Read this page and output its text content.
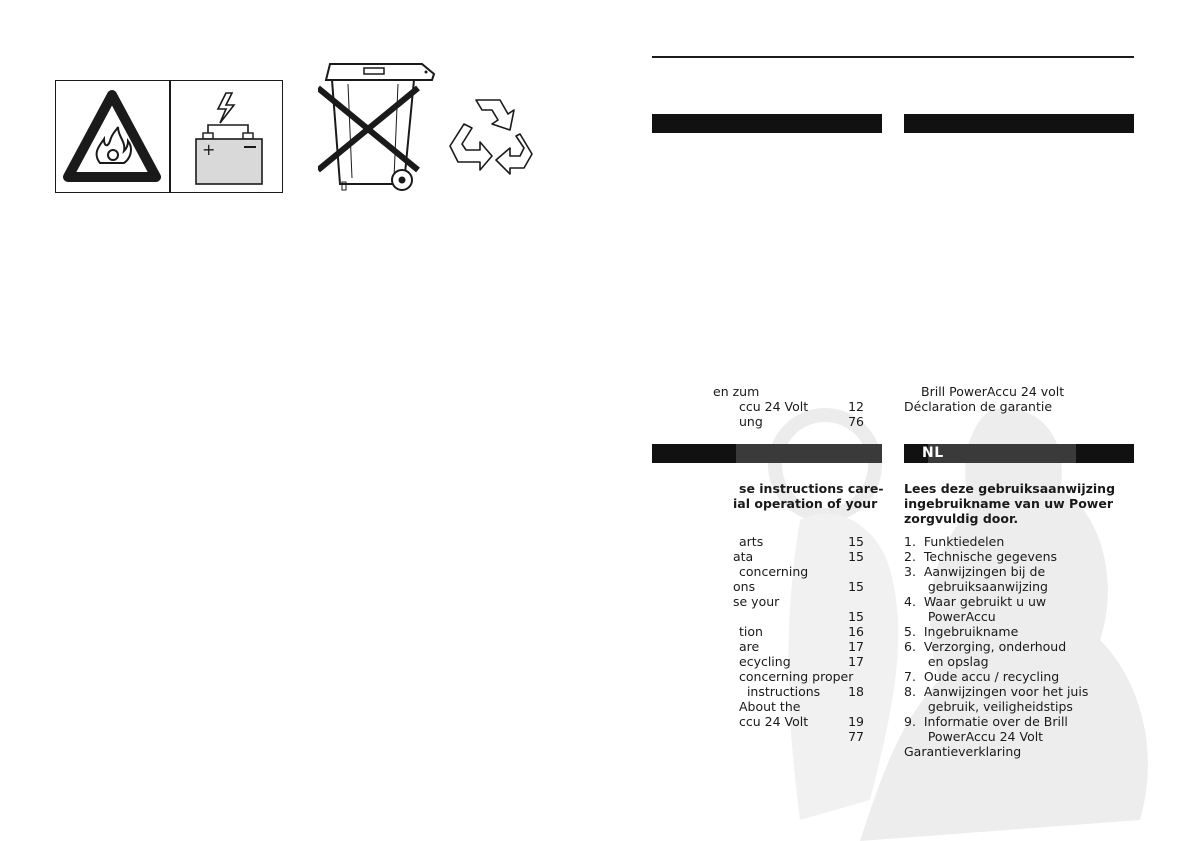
+
en zum
ccu 24 Volt	12
ung	76
Brill PowerAccu 24 volt
Déclaration de garantie
NL
se instructions care-
ial operation of your
arts	15
ata	15
concerning
ons	15
se your
15
tion	16
are	17
ecycling	17
concerning proper
instructions	18
About the
ccu 24 Volt	19
77
Lees deze gebruiksaanwijzing
ingebruikname van uw Power
zorgvuldig door.
1.  Funktiedelen
2.  Technische gegevens
3.  Aanwijzingen bij de
gebruiksaanwijzing
4.  Waar gebruikt u uw
PowerAccu
5.  Ingebruikname
6.  Verzorging, onderhoud
en opslag
7.  Oude accu / recycling
8.  Aanwijzingen voor het juis
gebruik, veiligheidstips
9.  Informatie over de Brill
PowerAccu 24 Volt
Garantieverklaring
